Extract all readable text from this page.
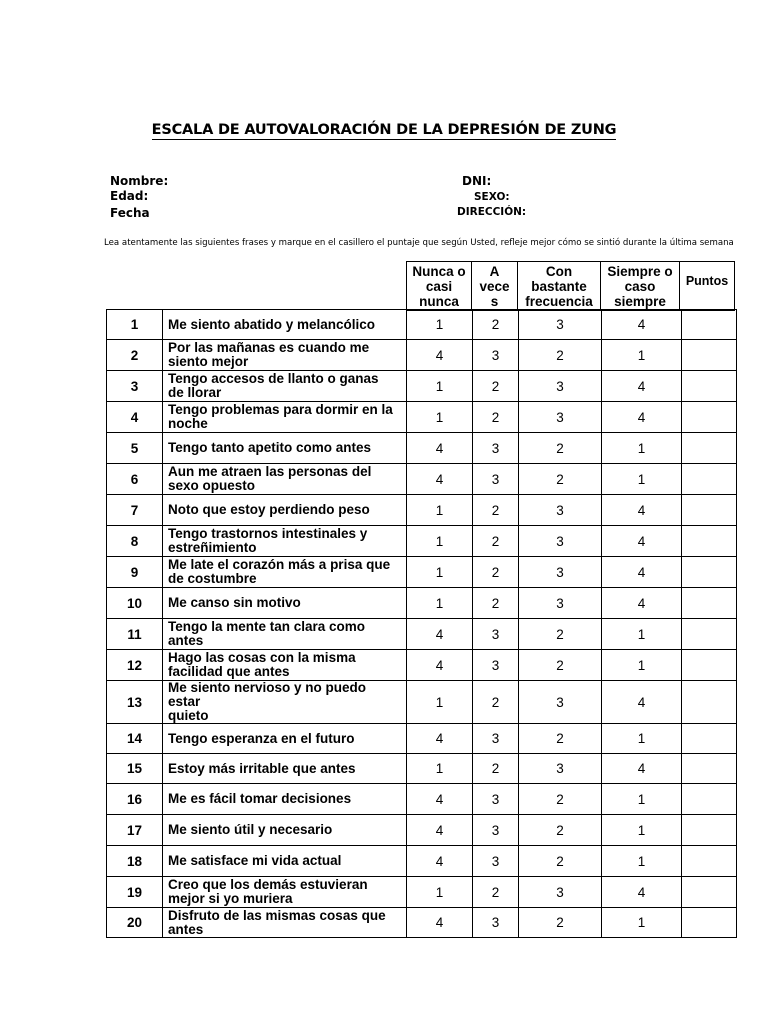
ESCALA DE AUTOVALORACIÓN DE LA DEPRESIÓN DE ZUNG
Nombre:
Edad:
Fecha
DNI:
SEXO:
DIRECCIÓN:
Lea atentamente las siguientes frases y marque en el casillero el puntaje que según Usted, refleje mejor cómo se sintió durante la última semana
Nunca o
casi
nunca

A
vece
s

Con
bastante
frecuencia

Siempre o
caso
siempre
	Puntos
1	Me siento abatido y melancólico	1	2	3	4	
2	Por las mañanas es cuando me
siento mejor	4	3	2	1	
3	Tengo accesos de llanto o ganas
de llorar	1	2	3	4	
4	Tengo problemas para dormir en la
noche	1	2	3	4	
5	Tengo tanto apetito como antes	4	3	2	1	
6	Aun me atraen las personas del
sexo opuesto	4	3	2	1	
7	Noto que estoy perdiendo peso	1	2	3	4	
8	Tengo trastornos intestinales y
estreñimiento	1	2	3	4	
9	Me late el corazón más a prisa que
de costumbre	1	2	3	4	
10	Me canso sin motivo	1	2	3	4	
11	Tengo la mente tan clara como
antes	4	3	2	1	
12	Hago las cosas con la misma
facilidad que antes	4	3	2	1	
13	Me siento nervioso y no puedo
estar
quieto	1	2	3	4	
14	Tengo esperanza en el futuro	4	3	2	1	
15	Estoy más irritable que antes	1	2	3	4	
16	Me es fácil tomar decisiones	4	3	2	1	
17	Me siento útil y necesario	4	3	2	1	
18	Me satisface mi vida actual	4	3	2	1	
19	Creo que los demás estuvieran
mejor si yo muriera	1	2	3	4	
20	Disfruto de las mismas cosas que
antes	4	3	2	1	
